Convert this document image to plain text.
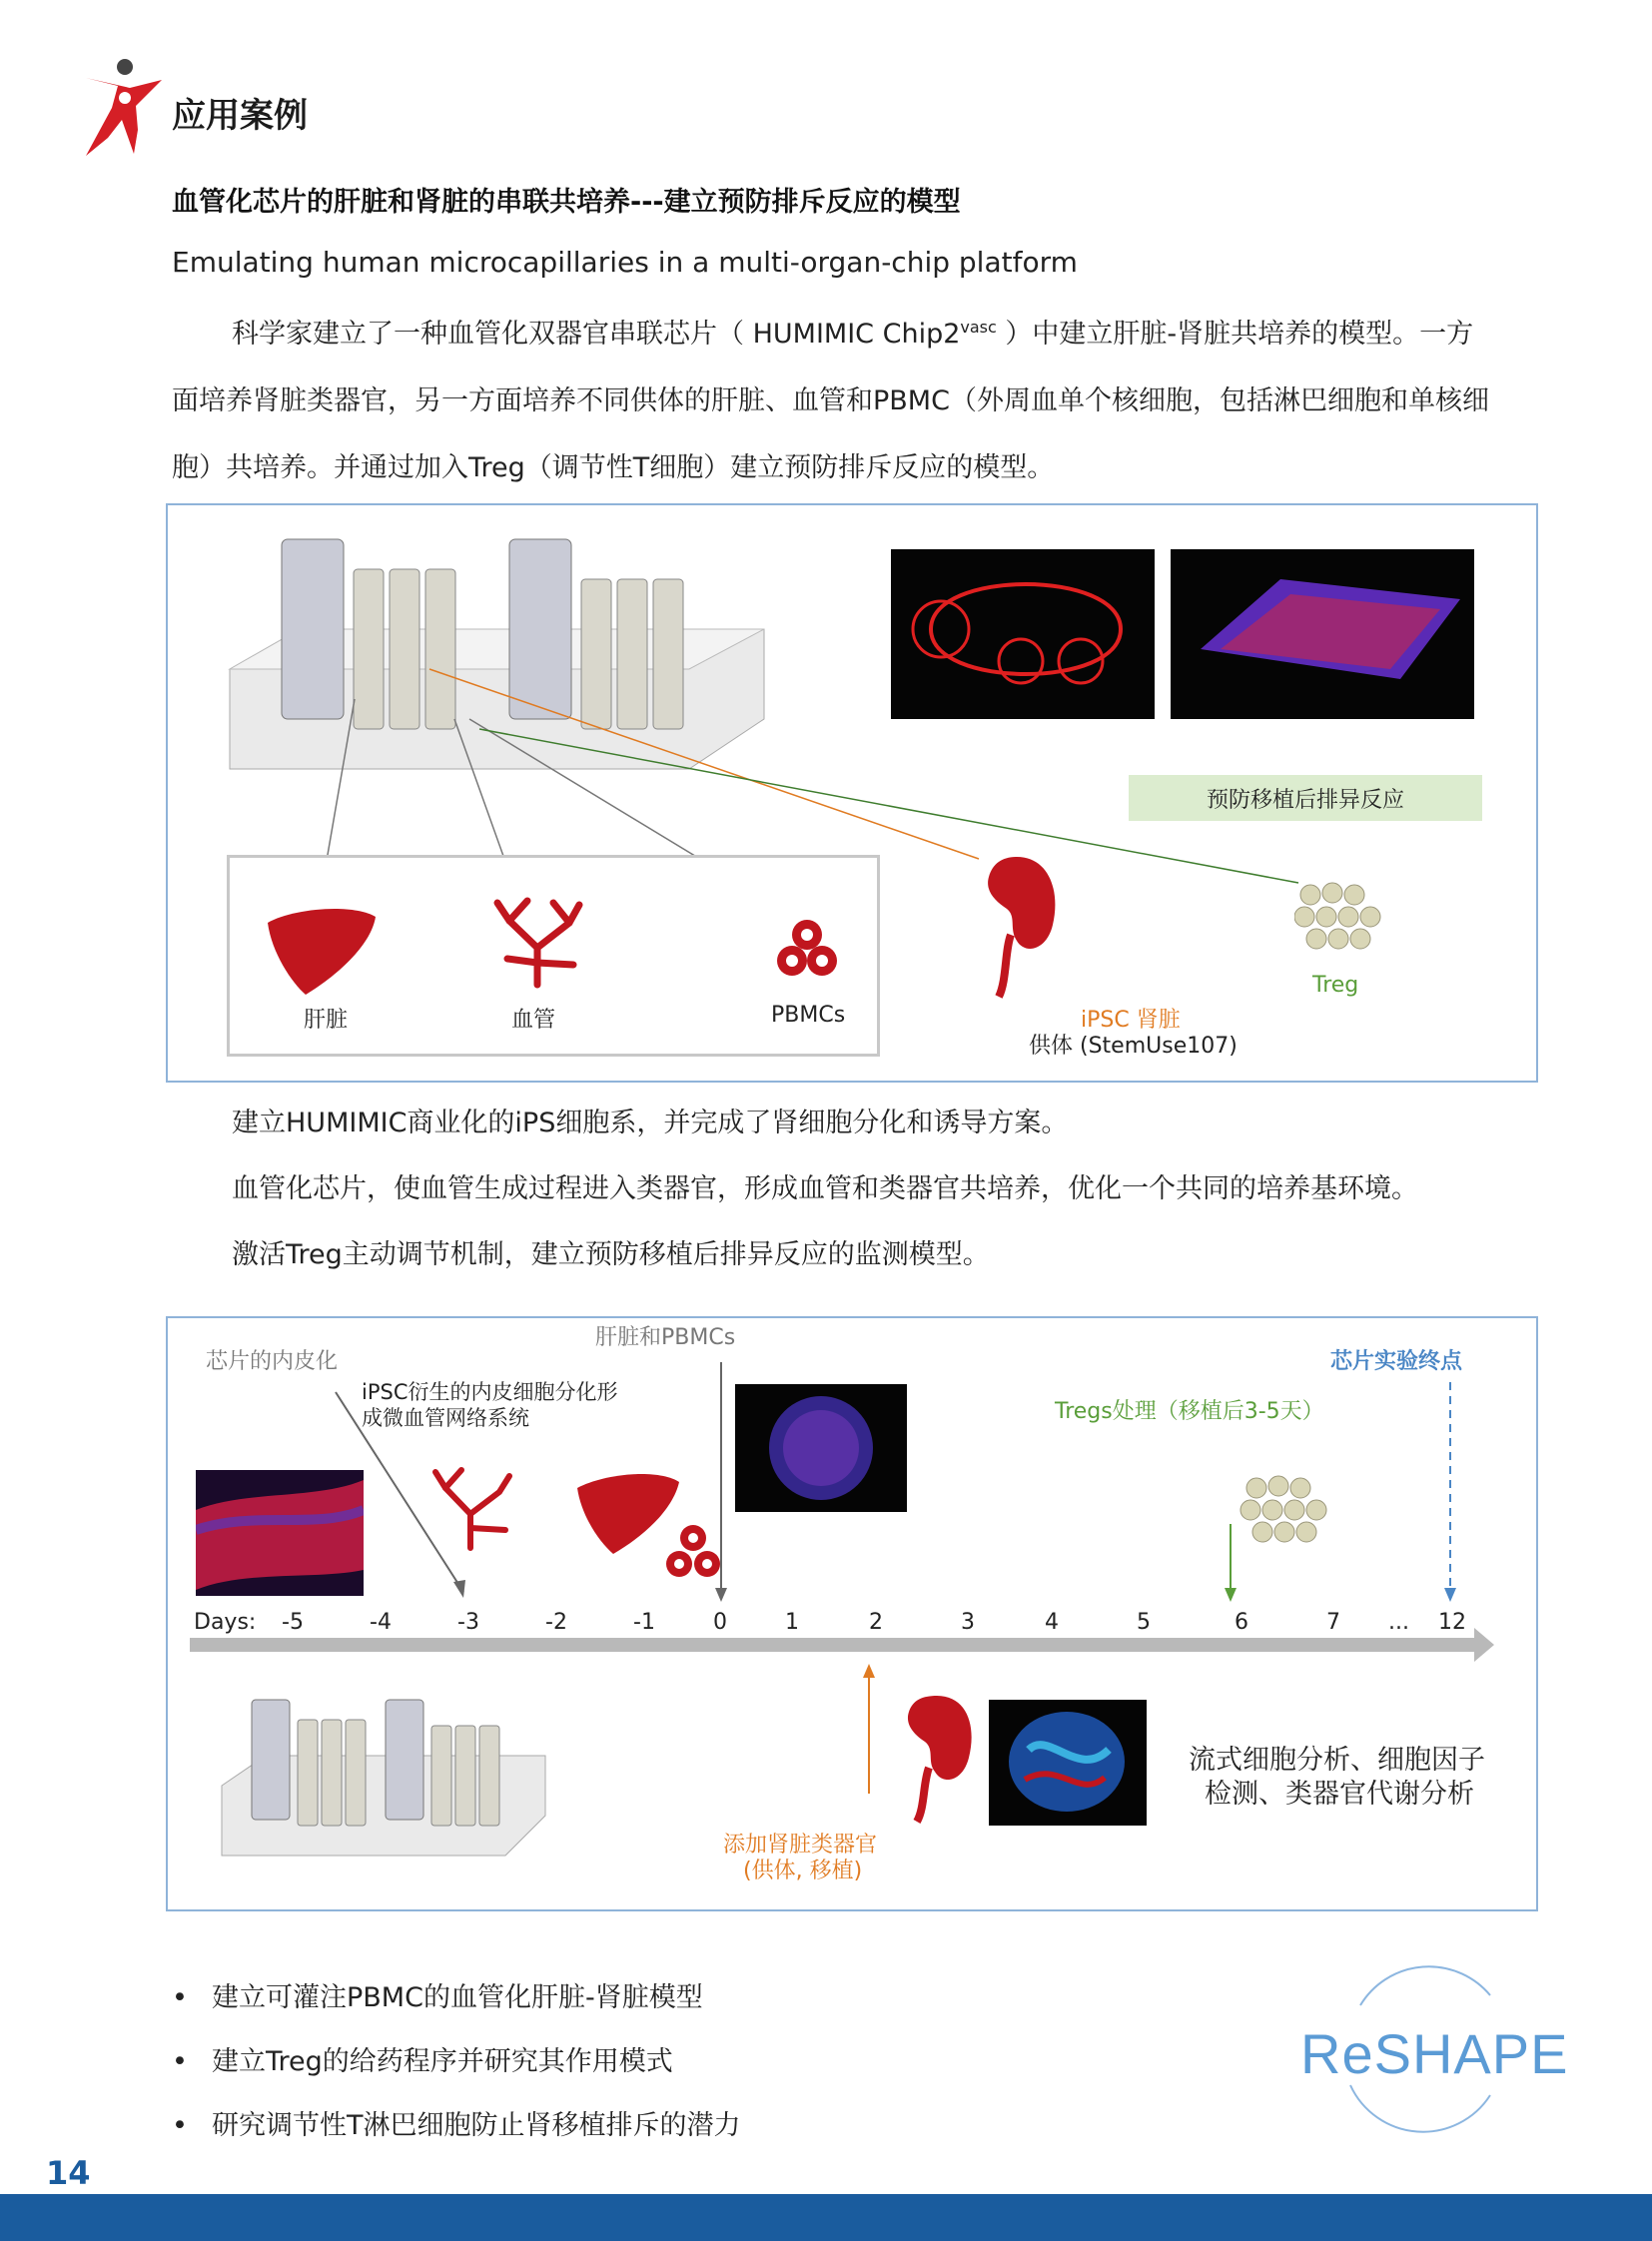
应用案例
血管化芯片的肝脏和肾脏的串联共培养---建立预防排斥反应的模型
Emulating human microcapillaries in a multi-organ-chip platform
科学家建立了一种血管化双器官串联芯片（ HUMIMIC $Chip2^{vasc}$ ）中建立肝脏-肾脏共培养的模型。一方
面培养肾脏类器官，另一方面培养不同供体的肝脏、血管和PBMC（外周血单个核细胞，包括淋巴细胞和单核细
胞）共培养。并通过加入Treg（调节性T细胞）建立预防排斥反应的模型。
预防移植后排异反应
肝脏	血管	PBMCs	iPSC 肾脏
供体 (StemUse107)
Treg
建立HUMIMIC商业化的iPS细胞系，并完成了肾细胞分化和诱导方案。
血管化芯片，使血管生成过程进入类器官，形成血管和类器官共培养，优化一个共同的培养基环境。
激活Treg主动调节机制，建立预防移植后排异反应的监测模型。
芯片的内皮化
iPSC衍生的内皮细胞分化形
成微血管网络系统
肝脏和PBMCs
芯片实验终点
Tregs处理（移植后3-5天）
Days: -5	-4	-3	-2	-1	0	1	2	3	4	5	6	7 ... 12
添加肾脏类器官
(供体, 移植)
流式细胞分析、细胞因子
检测、类器官代谢分析
• 建立可灌注PBMC的血管化肝脏-肾脏模型
• 建立Treg的给药程序并研究其作用模式
• 研究调节性T淋巴细胞防止肾移植排斥的潜力
ReSHAPE
14
